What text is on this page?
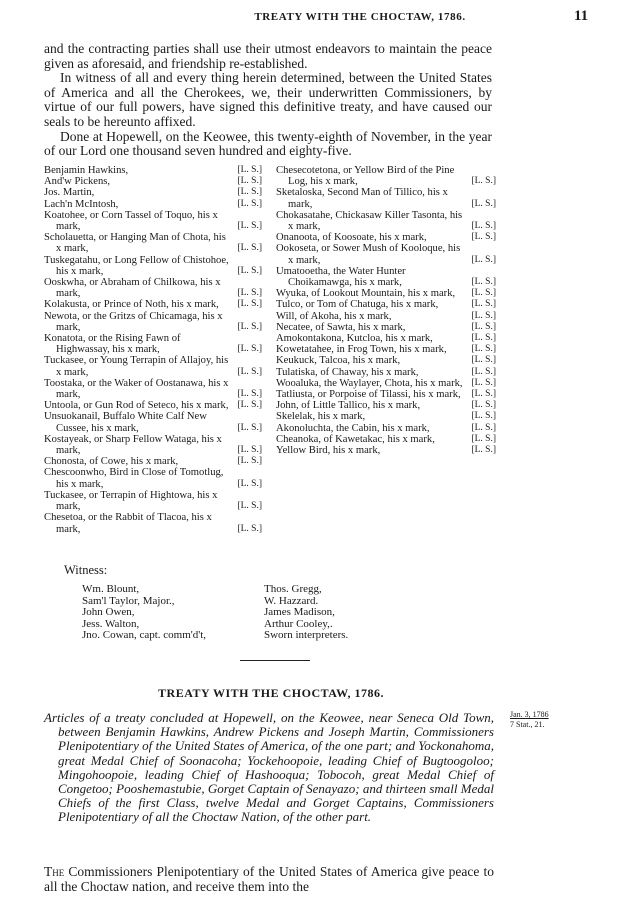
TREATY WITH THE CHOCTAW, 1786.	11

and the contracting parties shall use their utmost endeavors to maintain the peace given as aforesaid, and friendship re-established.

In witness of all and every thing herein determined, between the United States of America and all the Cherokees, we, their underwritten Commissioners, by virtue of our full powers, have signed this definitive treaty, and have caused our seals to be hereunto affixed.

Done at Hopewell, on the Keowee, this twenty-eighth of November, in the year of our Lord one thousand seven hundred and eighty-five.

Benjamin Hawkins,	[L. S.]
And'w Pickens,	[L. S.]
Jos. Martin,	[L. S.]
Lach'n McIntosh,	[L. S.]
Koatohee, or Corn Tassel of Toquo, his x mark,	[L. S.]
Scholauetta, or Hanging Man of Chota, his x mark,	[L. S.]
Tuskegatahu, or Long Fellow of Chistohoe, his x mark,	[L. S.]
Ooskwha, or Abraham of Chilkowa, his x mark,	[L. S.]
Kolakusta, or Prince of Noth, his x mark, [L. S.]
Newota, or the Gritzs of Chicamaga, his x mark,	[L. S.]
Konatota, or the Rising Fawn of Highwassay, his x mark,	[L. S.]
Tuckasee, or Young Terrapin of Allajoy, his x mark,	[L. S.]
Toostaka, or the Waker of Oostanawa, his x mark,	[L. S.]
Untoola, or Gun Rod of Seteco, his x mark, [L. S.]
Unsuokanail, Buffalo White Calf New Cussee, his x mark,	[L. S.]
Kostayeak, or Sharp Fellow Wataga, his x mark,	[L. S.]
Chonosta, of Cowe, his x mark,	[L. S.]
Chescoonwho, Bird in Close of Tomotlug, his x mark,	[L. S.]
Tuckasee, or Terrapin of Hightowa, his x mark,	[L. S.]
Chesetoa, or the Rabbit of Tlacoa, his x mark,	[L. S.]
Chesecotetona, or Yellow Bird of the Pine Log, his x mark,	[L. S.]
Sketaloska, Second Man of Tillico, his x mark,	[L. S.]
Chokasatahe, Chickasaw Killer Tasonta, his x mark,	[L. S.]
Onanoota, of Koosoate, his x mark,	[L. S.]
Ookoseta, or Sower Mush of Kooloque, his x mark,	[L. S.]
Umatooetha, the Water Hunter Choikamawga, his x mark,	[L. S.]
Wyuka, of Lookout Mountain, his x mark, [L. S.]
Tulco, or Tom of Chatuga, his x mark,	[L. S.]
Will, of Akoha, his x mark,	[L. S.]
Necatee, of Sawta, his x mark,	[L. S.]
Amokontakona, Kutcloa, his x mark,	[L. S.]
Kowetatahee, in Frog Town, his x mark,	[L. S.]
Keukuck, Talcoa, his x mark,	[L. S.]
Tulatiska, of Chaway, his x mark,	[L. S.]
Wooaluka, the Waylayer, Chota, his x mark, [L. S.]
Tatliusta, or Porpoise of Tilassi, his x mark, [L. S.]
John, of Little Tallico, his x mark,	[L. S.]
Skelelak, his x mark,	[L. S.]
Akonoluchta, the Cabin, his x mark,	[L. S.]
Cheanoka, of Kawetakac, his x mark,	[L. S.]
Yellow Bird, his x mark,	[L. S.]
Witness:
Wm. Blount,
Sam'l Taylor, Major.,
John Owen,
Jess. Walton,
Jno. Cowan, capt. comm'd't,
Thos. Gregg,
W. Hazzard.
James Madison,
Arthur Cooley,.
Sworn interpreters.
TREATY WITH THE CHOCTAW, 1786.
Jan. 3, 1786
7 Stat., 21.
Articles of a treaty concluded at Hopewell, on the Keowee, near Seneca Old Town, between Benjamin Hawkins, Andrew Pickens and Joseph Martin, Commissioners Plenipotentiary of the United States of America, of the one part; and Yockonahoma, great Medal Chief of Soonacoha; Yockehoopoie, leading Chief of Bugtoogoloo; Mingohoopoie, leading Chief of Hashooqua; Tobocoh, great Medal Chief of Congetoo; Pooshemastubie, Gorget Captain of Senayazo; and thirteen small Medal Chiefs of the first Class, twelve Medal and Gorget Captains, Commissioners Plenipotentiary of all the Choctaw Nation, of the other part.
The Commissioners Plenipotentiary of the United States of America give peace to all the Choctaw nation, and receive them into the
